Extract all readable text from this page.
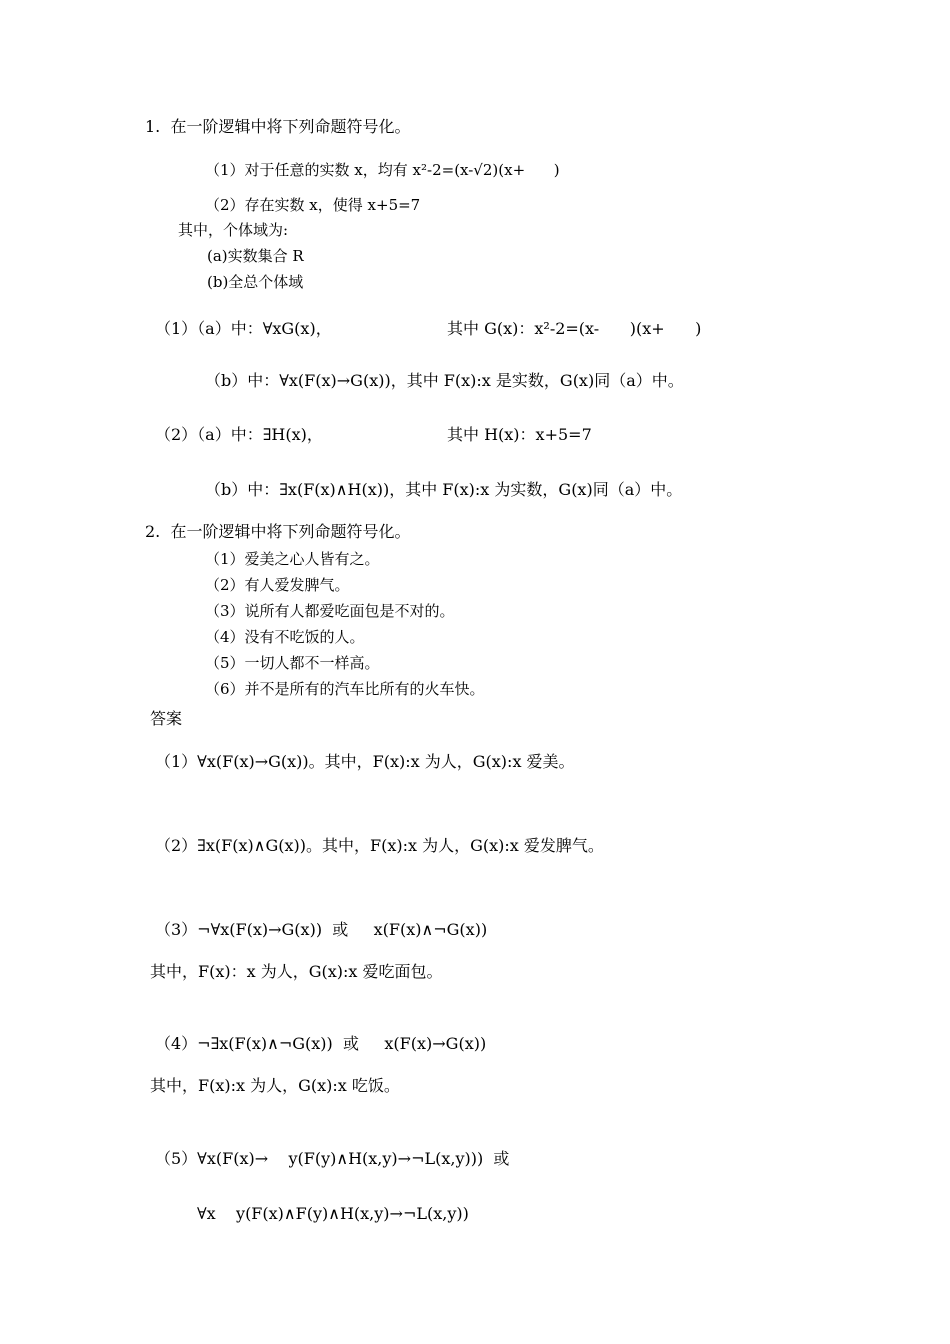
1.  在一阶逻辑中将下列命题符号化。
（1）对于任意的实数 x，均有 x²-2=(x-√2)(x+      )
（2）存在实数 x，使得 x+5=7
其中，个体域为:
(a)实数集合 R
(b)全总个体域
（1）（a）中：∀xG(x)，	其中 G(x)：x²-2=(x-      )(x+      )
（b）中：∀x(F(x)→G(x))，其中 F(x):x 是实数，G(x)同（a）中。
（2）（a）中：∃H(x)，	其中 H(x)：x+5=7
（b）中：∃x(F(x)∧H(x))，其中 F(x):x 为实数，G(x)同（a）中。
2.  在一阶逻辑中将下列命题符号化。
（1）爱美之心人皆有之。
（2）有人爱发脾气。
（3）说所有人都爱吃面包是不对的。
（4）没有不吃饭的人。
（5）一切人都不一样高。
（6）并不是所有的汽车比所有的火车快。
答案
（1）∀x(F(x)→G(x))。其中，F(x):x 为人，G(x):x 爱美。
（2）∃x(F(x)∧G(x))。其中，F(x):x 为人，G(x):x 爱发脾气。
（3）¬∀x(F(x)→G(x))  或     x(F(x)∧¬G(x))
其中，F(x)：x 为人，G(x):x 爱吃面包。
（4）¬∃x(F(x)∧¬G(x))  或     x(F(x)→G(x))
其中，F(x):x 为人，G(x):x 吃饭。
（5）∀x(F(x)→    y(F(y)∧H(x,y)→¬L(x,y)))  或
∀x    y(F(x)∧F(y)∧H(x,y)→¬L(x,y))
